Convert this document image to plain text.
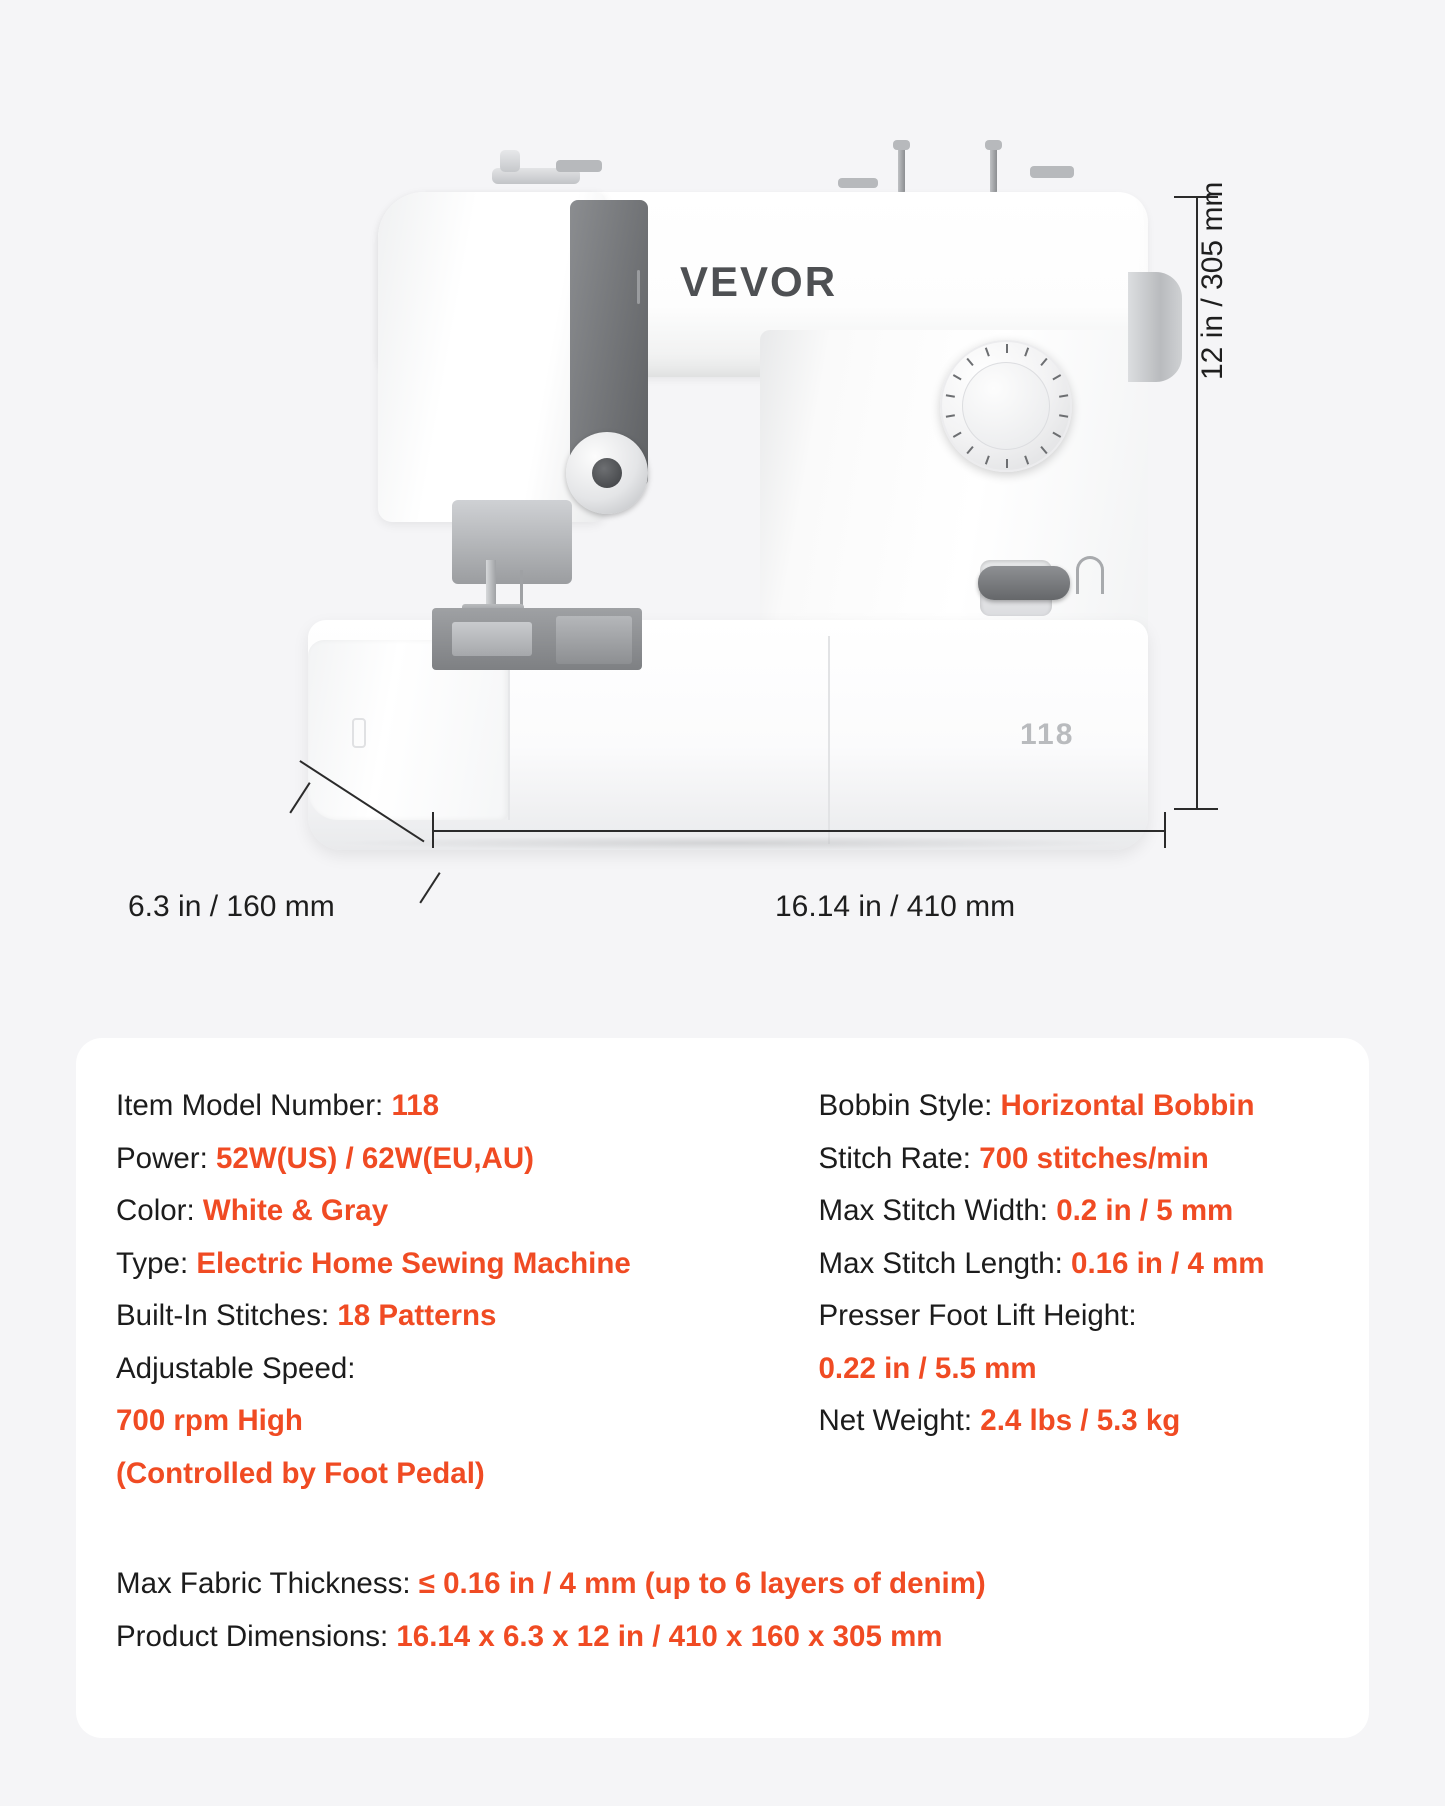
VEVOR
118
12 in / 305 mm
16.14 in / 410 mm
6.3 in / 160 mm
Item Model Number: 118
Power: 52W(US) / 62W(EU,AU)
Color: White & Gray
Type: Electric Home Sewing Machine
Built-In Stitches: 18 Patterns
Adjustable Speed:
700 rpm High
(Controlled by Foot Pedal)
Bobbin Style: Horizontal Bobbin
Stitch Rate: 700 stitches/min
Max Stitch Width: 0.2 in / 5 mm
Max Stitch Length: 0.16 in / 4 mm
Presser Foot Lift Height:
0.22 in / 5.5 mm
Net Weight: 2.4 lbs / 5.3 kg
Max Fabric Thickness: ≤ 0.16 in / 4 mm (up to 6 layers of denim)
Product Dimensions: 16.14 x 6.3 x 12 in / 410 x 160 x 305 mm
